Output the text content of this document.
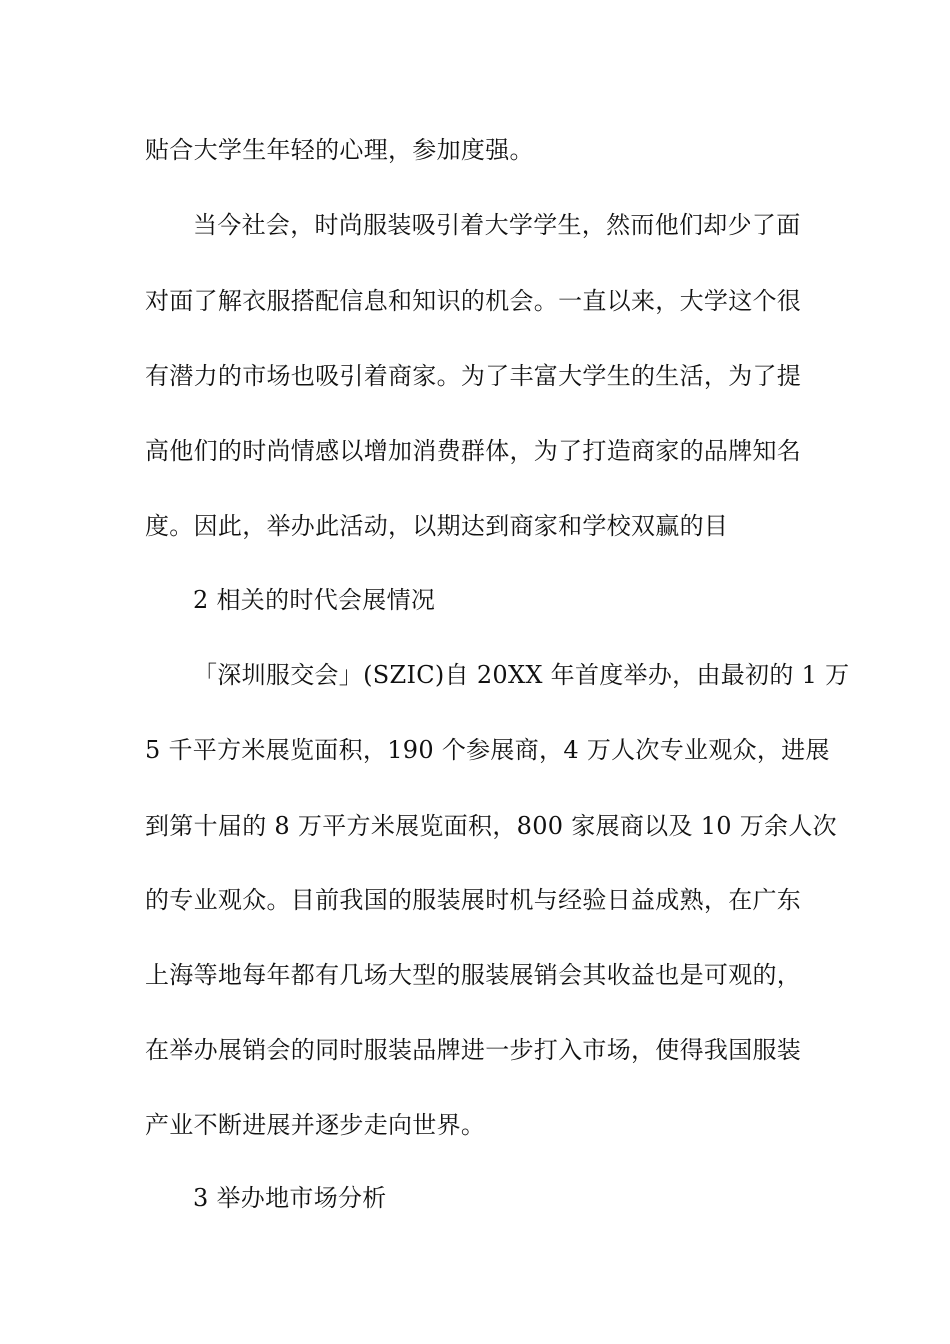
贴合大学生年轻的心理，参加度强。
当今社会，时尚服装吸引着大学学生，然而他们却少了面
对面了解衣服搭配信息和知识的机会。一直以来，大学这个很
有潜力的市场也吸引着商家。为了丰富大学生的生活，为了提
高他们的时尚情感以增加消费群体，为了打造商家的品牌知名
度。因此，举办此活动，以期达到商家和学校双赢的目
2 相关的时代会展情况
「深圳服交会」(SZIC)自 20XX 年首度举办，由最初的 1 万
5 千平方米展览面积，190 个参展商，4 万人次专业观众，进展
到第十届的 8 万平方米展览面积，800 家展商以及 10 万余人次
的专业观众。目前我国的服装展时机与经验日益成熟，在广东
上海等地每年都有几场大型的服装展销会其收益也是可观的，
在举办展销会的同时服装品牌进一步打入市场，使得我国服装
产业不断进展并逐步走向世界。
3 举办地市场分析
